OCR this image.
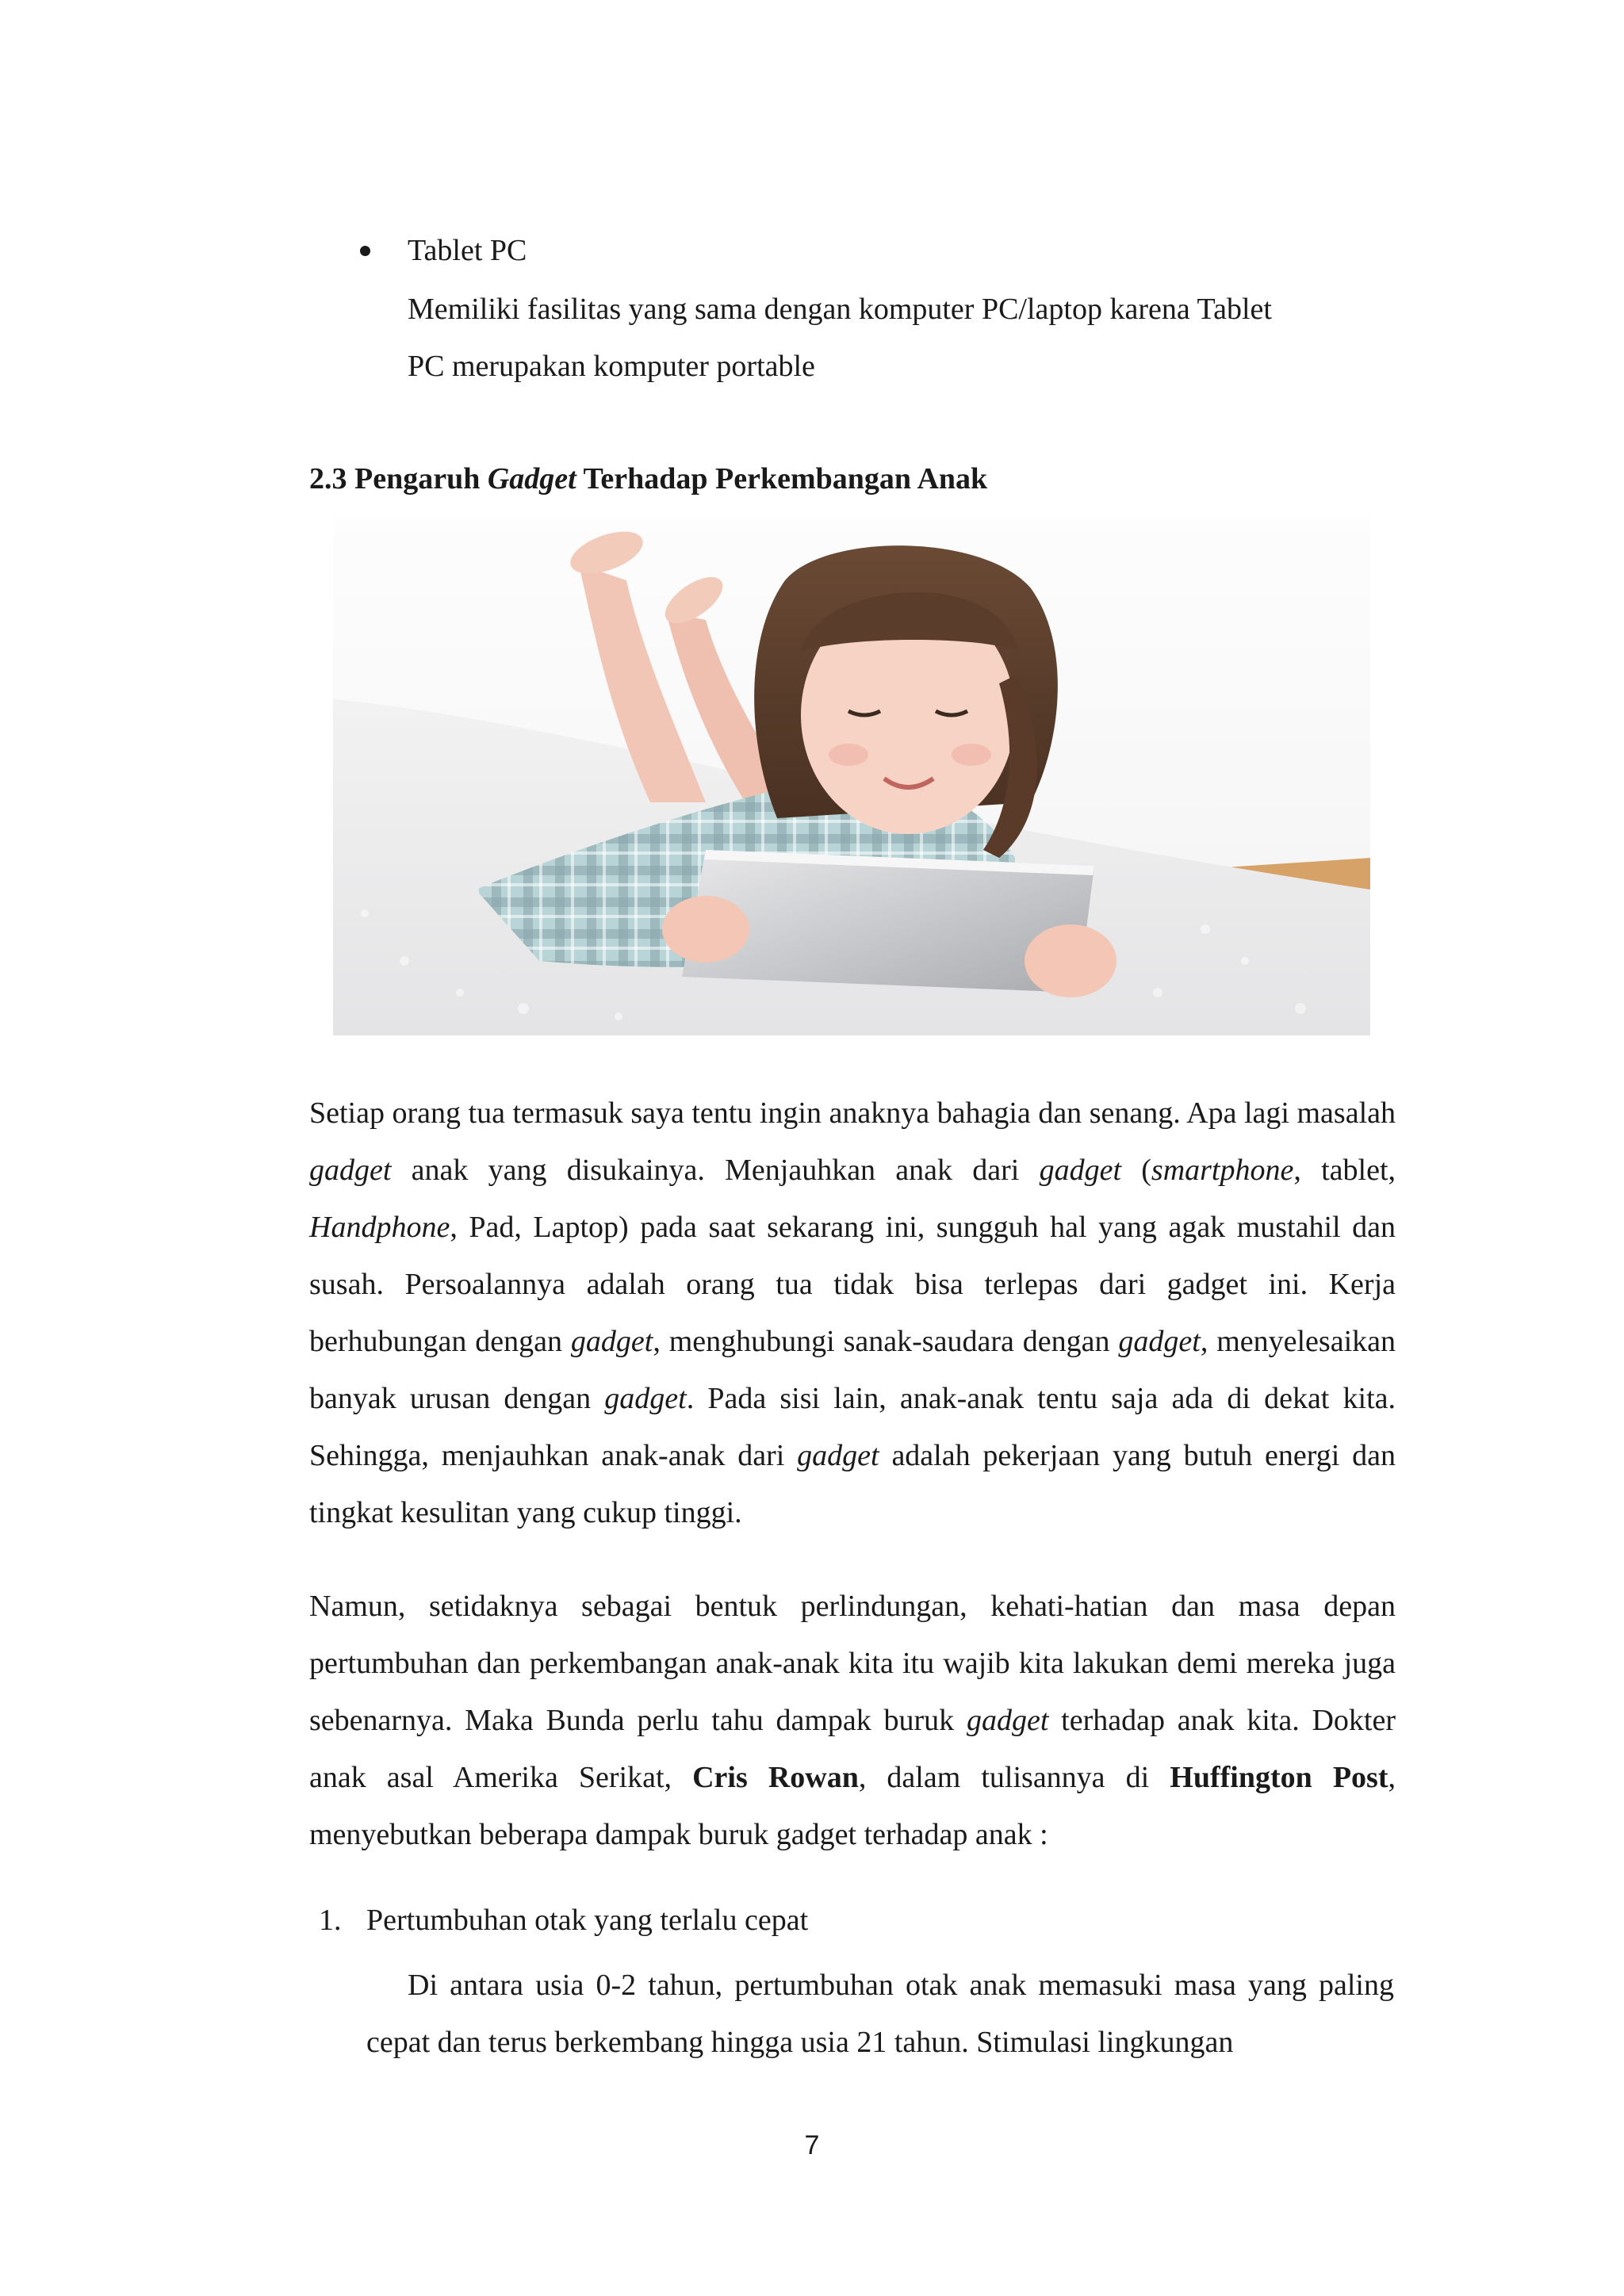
Tablet PC
Memiliki fasilitas yang sama dengan komputer PC/laptop karena Tablet
PC merupakan komputer portable
2.3 Pengaruh Gadget Terhadap Perkembangan Anak
Setiap orang tua termasuk saya tentu ingin anaknya bahagia dan senang. Apa lagi masalah gadget anak yang disukainya. Menjauhkan anak dari gadget (smartphone, tablet, Handphone, Pad, Laptop) pada saat sekarang ini, sungguh hal yang agak mustahil dan susah. Persoalannya adalah orang tua tidak bisa terlepas dari gadget ini. Kerja berhubungan dengan gadget, menghubungi sanak-saudara dengan gadget, menyelesaikan banyak urusan dengan gadget. Pada sisi lain, anak-anak tentu saja ada di dekat kita. Sehingga, menjauhkan anak-anak dari gadget adalah pekerjaan yang butuh energi dan tingkat kesulitan yang cukup tinggi.
Namun, setidaknya sebagai bentuk perlindungan, kehati-hatian dan masa depan pertumbuhan dan perkembangan anak-anak kita itu wajib kita lakukan demi mereka juga sebenarnya. Maka Bunda perlu tahu dampak buruk gadget terhadap anak kita. Dokter anak asal Amerika Serikat, Cris Rowan, dalam tulisannya di Huffington Post, menyebutkan beberapa dampak buruk gadget terhadap anak :
1. Pertumbuhan otak yang terlalu cepat
Di antara usia 0-2 tahun, pertumbuhan otak anak memasuki masa yang paling cepat dan terus berkembang hingga usia 21 tahun. Stimulasi lingkungan
7
